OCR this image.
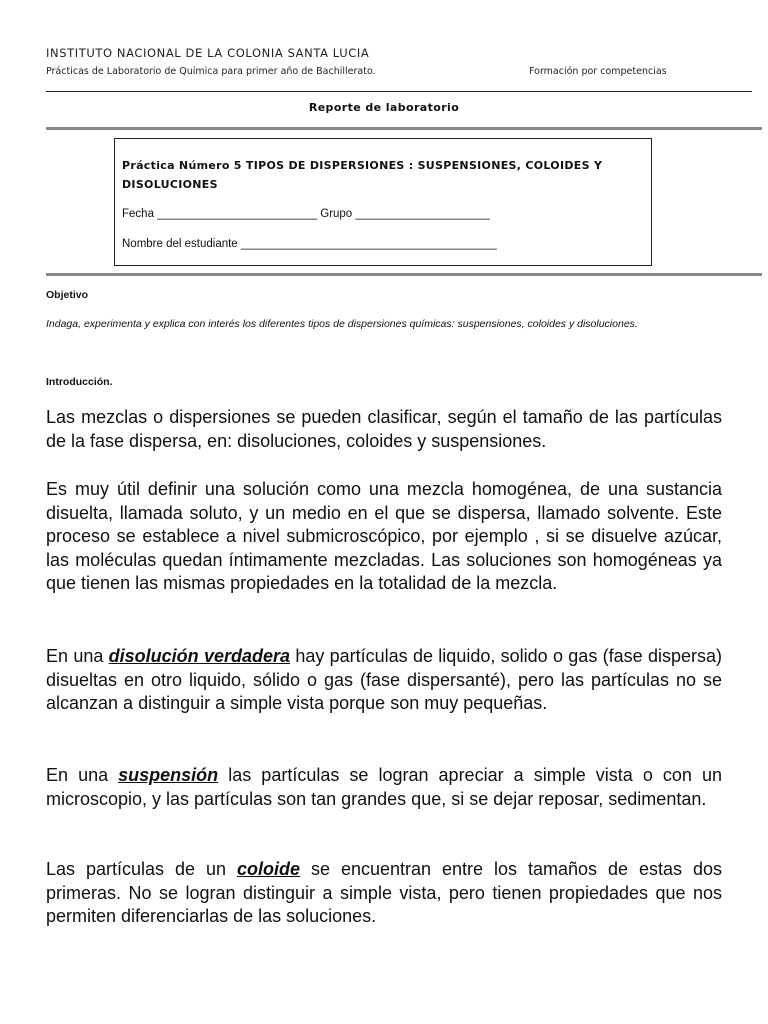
INSTITUTO NACIONAL DE LA COLONIA SANTA LUCIA
Prácticas de Laboratorio de Química para primer año de Bachillerato.	Formación por competencias
Reporte de laboratorio
Práctica Número 5 TIPOS DE DISPERSIONES : SUSPENSIONES, COLOIDES Y DISOLUCIONES
Fecha _________________________ Grupo _____________________
Nombre del estudiante ________________________________________
Objetivo
Indaga, experimenta y explica con interés los diferentes tipos de dispersiones químicas: suspensiones, coloides y disoluciones.
Introducción.
Las mezclas o dispersiones se pueden clasificar, según el tamaño de las partículas de la fase dispersa, en: disoluciones, coloides y suspensiones.
Es muy útil definir una solución como una mezcla homogénea, de una sustancia disuelta, llamada soluto, y un medio en el que se dispersa, llamado solvente. Este proceso se establece a nivel submicroscópico, por ejemplo , si se disuelve azúcar, las moléculas quedan íntimamente mezcladas. Las soluciones son homogéneas ya que tienen las mismas propiedades en la totalidad de la mezcla.
En una disolución verdadera hay partículas de liquido, solido o gas (fase dispersa) disueltas en otro liquido, sólido o gas (fase dispersanté), pero las partículas no se alcanzan a distinguir a simple vista porque son muy pequeñas.
En una suspensión las partículas se logran apreciar a simple vista o con un microscopio, y las partículas son tan grandes que, si se dejar reposar, sedimentan.
Las partículas de un coloide se encuentran entre los tamaños de estas dos primeras. No se logran distinguir a simple vista, pero tienen propiedades que nos permiten diferenciarlas de las soluciones.
